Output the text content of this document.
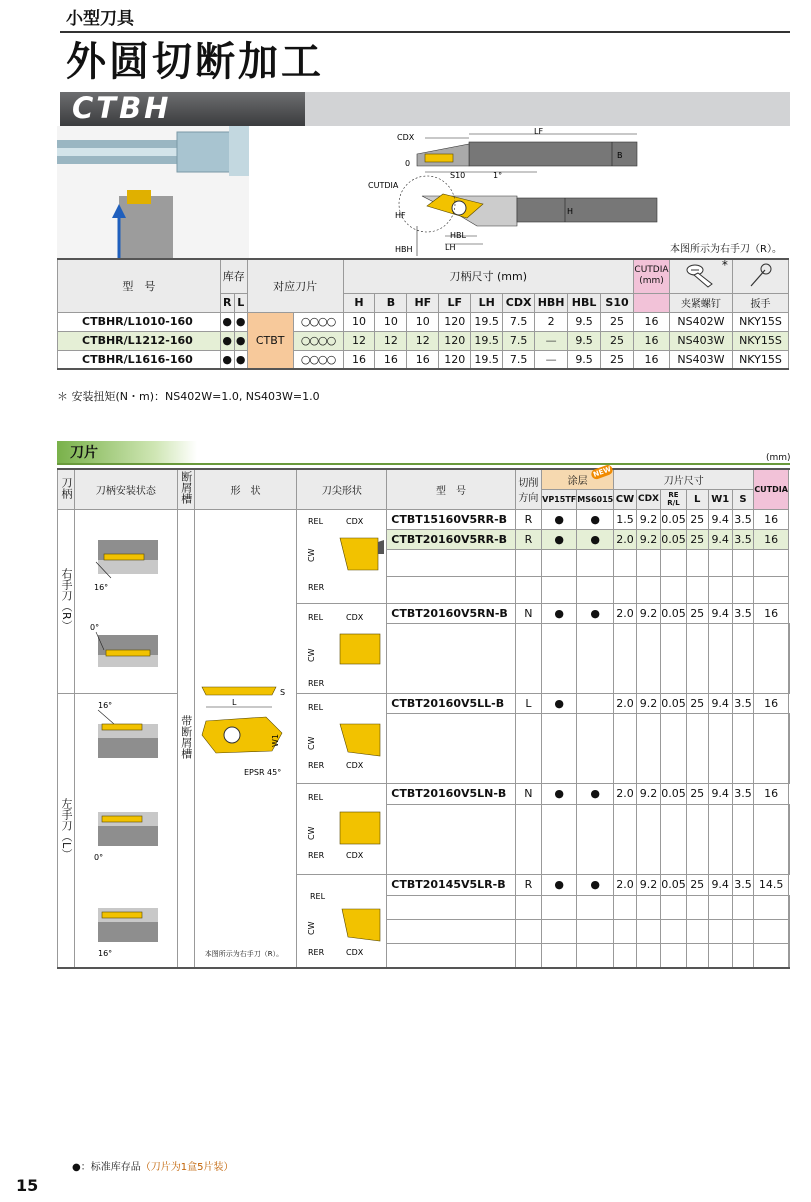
小型刀具
外圆切断加工
CTBH
CDX
LF
0
S10
B
1°
CUTDIA
HF	H
HBH
HBL
LH	本图所示为右手刀（R）。
型　号	库存		对应刀片		刀柄尺寸 (mm)									CUTDIA
(mm)	*

	R	L			H	B	HF	LF	LH	CDX	HBH	HBL	S10		夹紧螺钉	扳手
CTBHR/L1010-160	●	●	CTBT	○○○○	10	10	10	120	19.5	7.5	2	9.5	25	16	NS402W	NKY15S
CTBHR/L1212-160	●	●		○○○○	12	12	12	120	19.5	7.5	—	9.5	25	16	NS403W	NKY15S
CTBHR/L1616-160	●	●		○○○○	16	16	16	120	19.5	7.5	—	9.5	25	16	NS403W	NKY15S
＊ 安装扭矩(N・m)：NS402W=1.0, NS403W=1.0
刀片	(mm)
刀柄	刀柄安装状态	断屑槽	形　状	刀尖形状	型　号	切削
方向	涂层
NEW		刀片尺寸						CUTDIA	
							VP15TF	MS6015	CW	CDX	RE R/L	L	W1	S		
右手刀（R）	16°
0°	带断屑槽	S
L
W1
EPSR 45°
本图所示为右手刀（R）。	REL CDX
CW
RER	CTBT15160V5RR-B	R	●	●	1.5	9.2	0.05	25	9.4	3.5	16	
					CTBT20160V5RR-B	R	●	●	2.0	9.2	0.05	25	9.4	3.5	16	

REL CDX
CW
RER	CTBT20160V5RN-B	N	●	●	2.0	9.2	0.05	25	9.4	3.5	16	

左手刀（L）	16°
0°
16°			REL
CW
RER CDX	CTBT20160V5LL-B	L	●		2.0	9.2	0.05	25	9.4	3.5	16	

REL
CW
RER CDX	CTBT20160V5LN-B	N	●	●	2.0	9.2	0.05	25	9.4	3.5	16	

REL
CW
RER CDX	CTBT20145V5LR-B	R	●	●	2.0	9.2	0.05	25	9.4	3.5	14.5	

●：标准库存品（刀片为1盒5片装）
15
